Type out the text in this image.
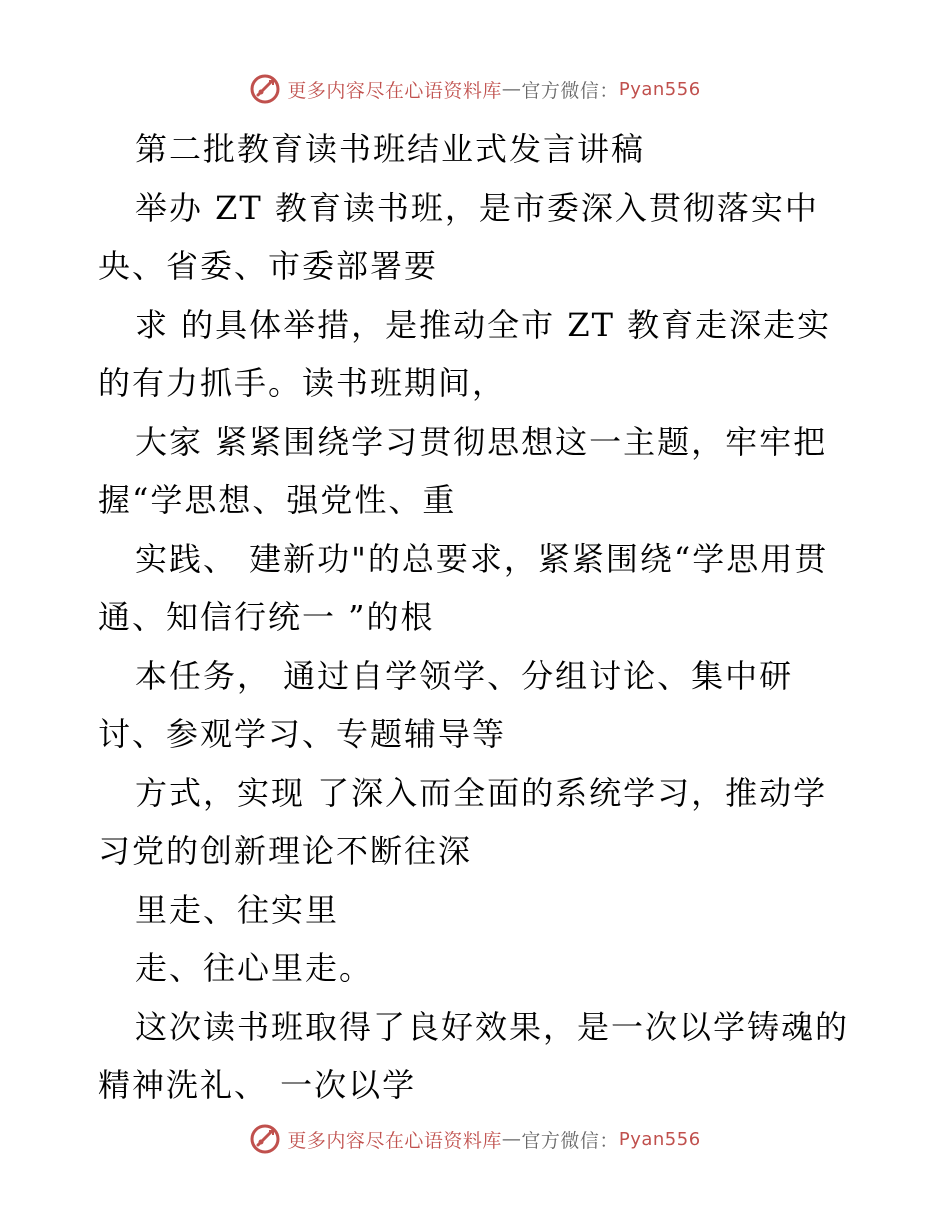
更多内容尽在心语资料库 — 官方微信： Pyan556
第二批教育读书班结业式发言讲稿
举办 ZT 教育读书班，是市委深入贯彻落实中
央、省委、市委部署要
求 的具体举措，是推动全市 ZT 教育走深走实
的有力抓手。读书班期间，
大家 紧紧围绕学习贯彻思想这一主题，牢牢把
握“学思想、强党性、重
实践、 建新功"的总要求，紧紧围绕“学思用贯
通、知信行统一 ”的根
本任务， 通过自学领学、分组讨论、集中研
讨、参观学习、专题辅导等
方式，实现 了深入而全面的系统学习，推动学
习党的创新理论不断往深
里走、往实里
走、往心里走。
这次读书班取得了良好效果，是一次以学铸魂的
精神洗礼、 一次以学
更多内容尽在心语资料库 — 官方微信： Pyan556
